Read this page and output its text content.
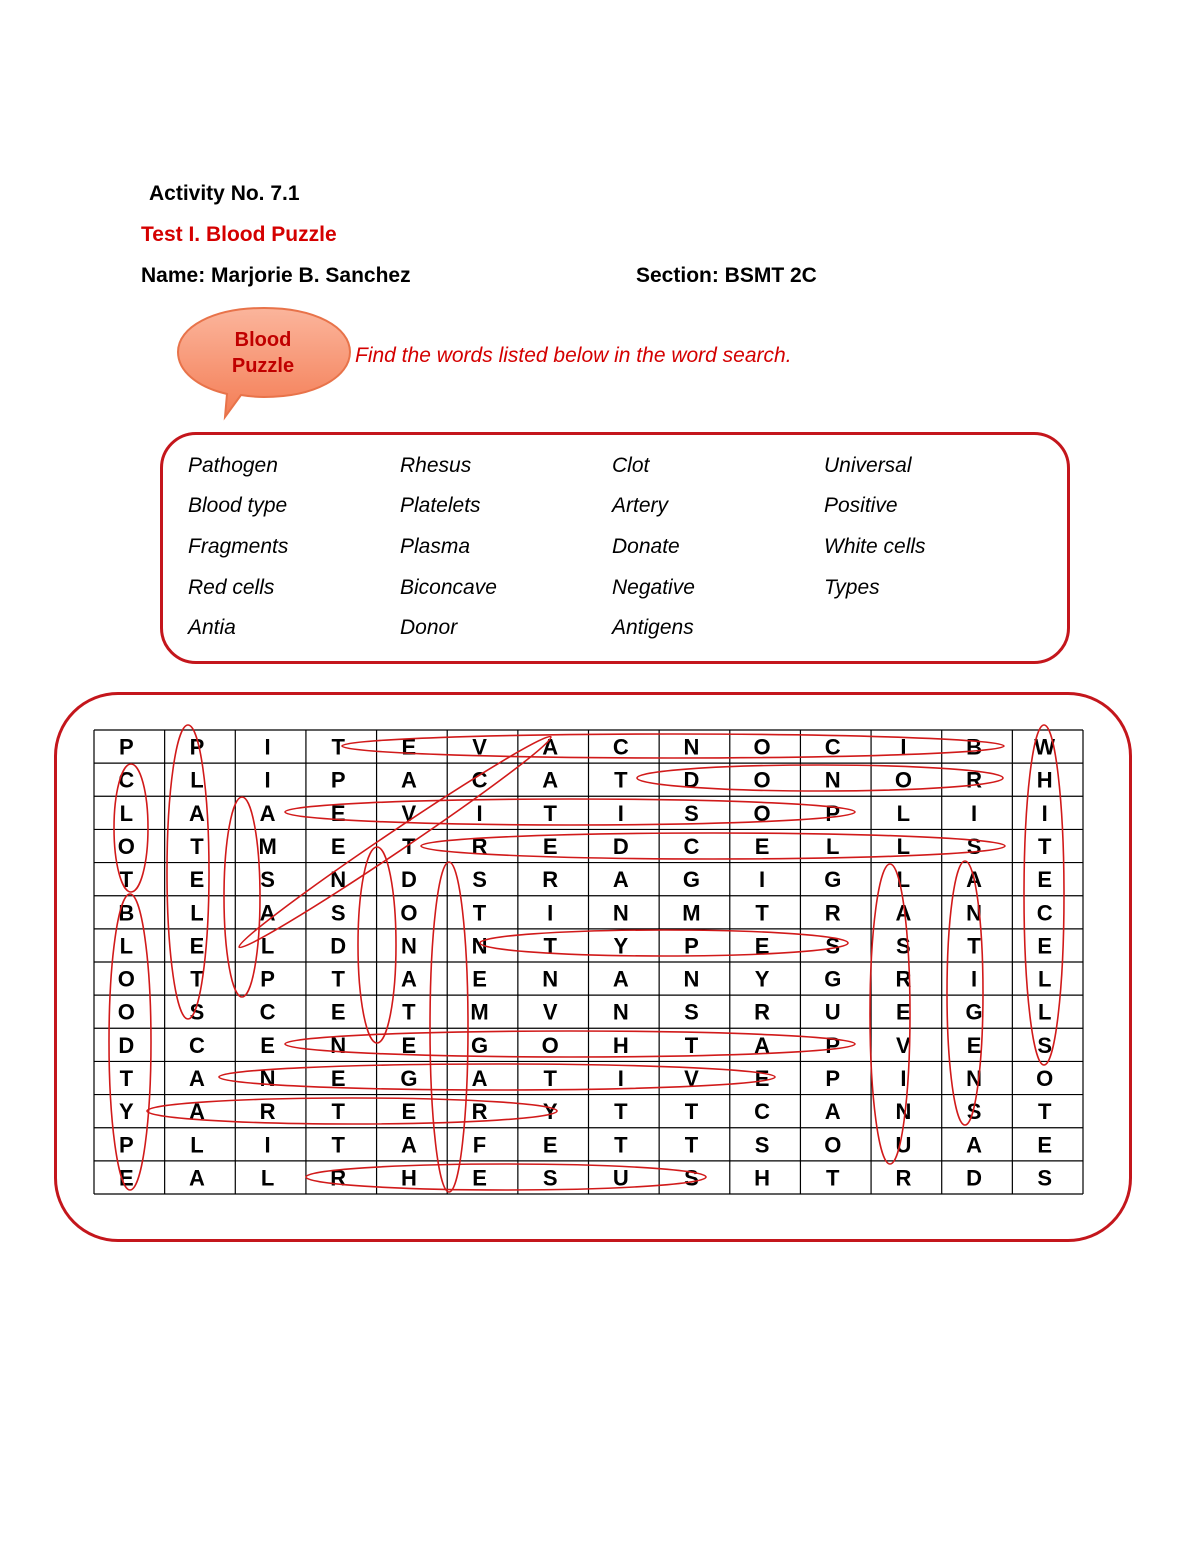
Activity No. 7.1
Test I. Blood Puzzle
Name: Marjorie B. Sanchez	Section: BSMT 2C
Blood
Puzzle	Find the words listed below in the word search.
Pathogen
Blood type
Fragments
Red cells
Antia
Rhesus
Platelets
Plasma
Biconcave
Donor
Clot
Artery
Donate
Negative
Antigens
Universal
Positive
White cells
Types
P	P	I	T	E	V	A C N O C	I	B W
C	L	I	P	A C A	T	D O N O R H
L	A A	E	V	I	T	I	S O P	L	I	I
O	T M E	T	R	E	D C	E	L	L	S	T
T	E	S	N D	S	R A G	I	G	L	A	E
B	L	A	S O	T	I	N M T	R A N C
L	E	L	D N N	T	Y	P	E	S	S	T	E
O	T	P	T	A	E	N A N	Y G R	I	L
O S	C	E	T M V	N	S	R U	E G	L
D C	E	N	E G O H	T	A	P	V	E	S
T	A N	E G A	T	I	V	E	P	I	N O
Y	A R	T	E	R	Y	T	T	C A N	S	T
P	L	I	T	A	F	E	T	T	S O U A	E
E	A	L	R H	E	S	U	S	H	T	R D	S
